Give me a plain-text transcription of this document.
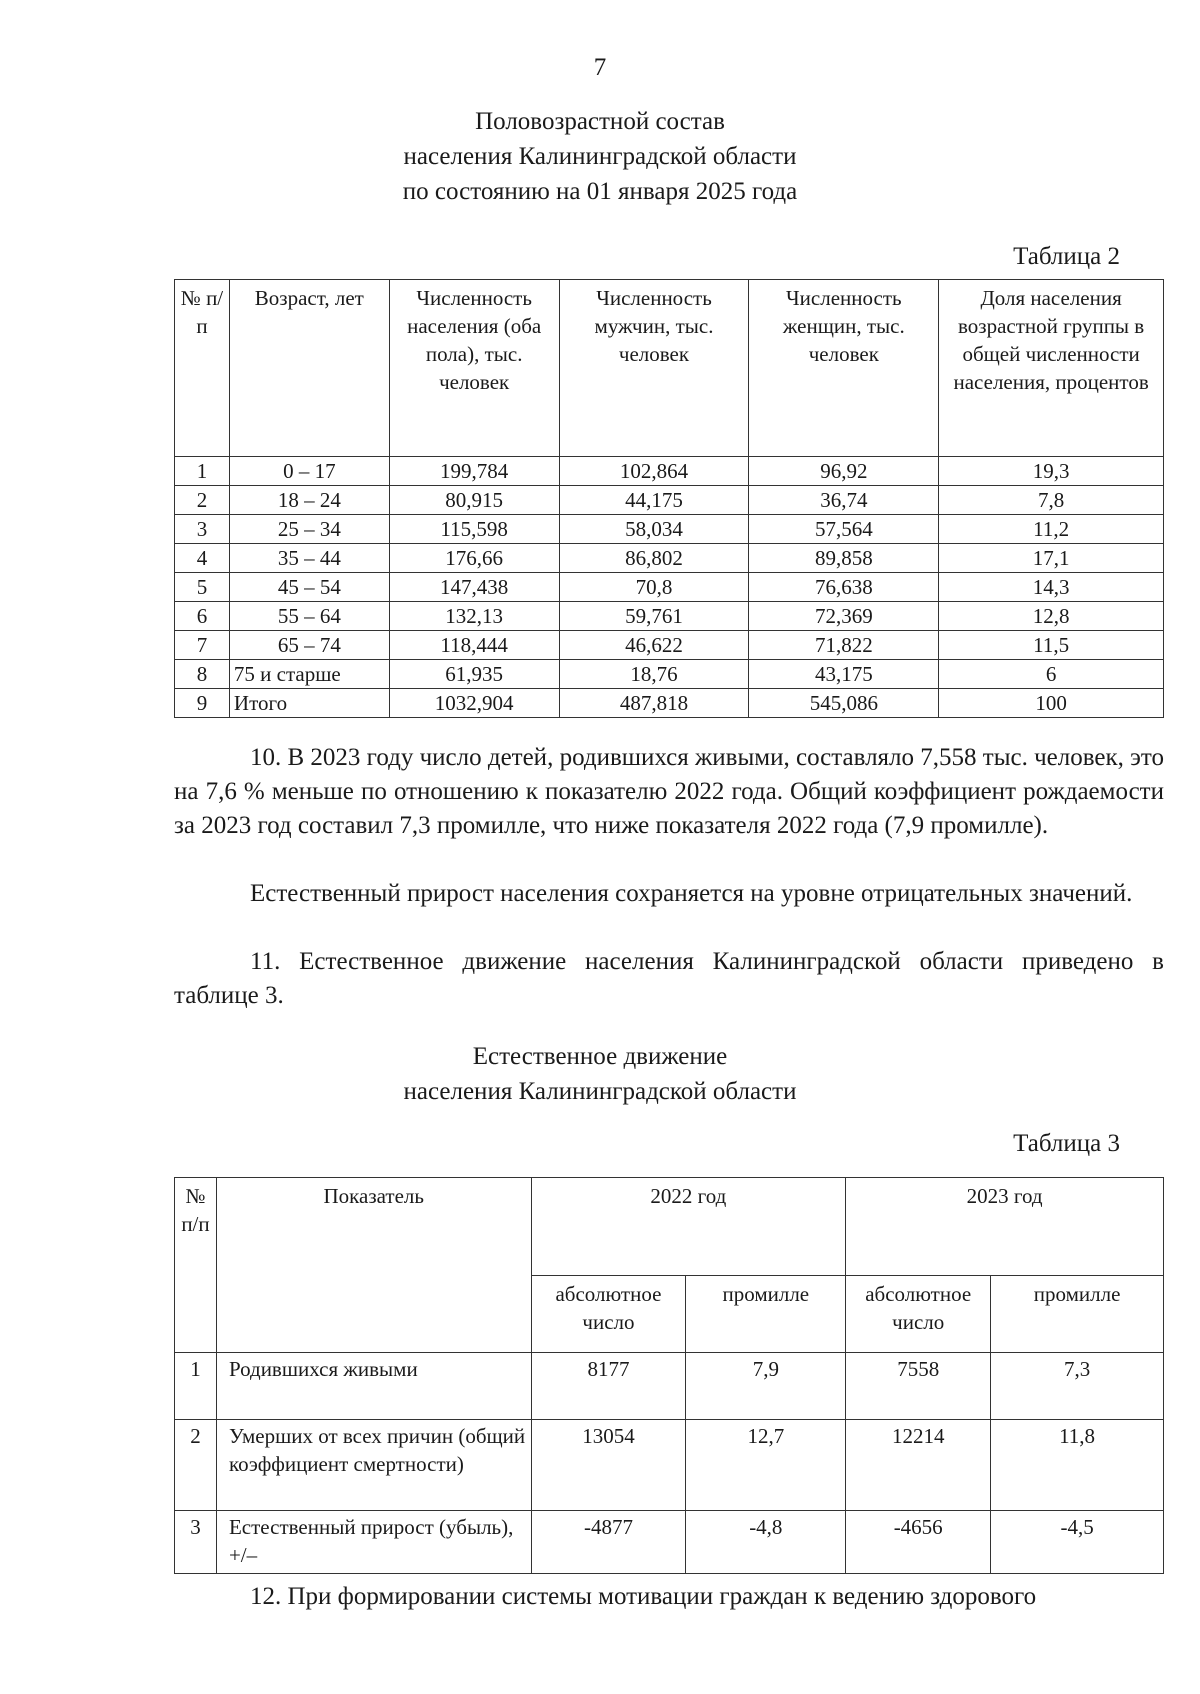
7
Половозрастной состав
населения Калининградской области
по состоянию на 01 января 2025 года
Таблица 2
№ п/п	Возраст, лет	Численность населения (оба пола), тыс. человек	Численность мужчин, тыс. человек	Численность женщин, тыс. человек	Доля населения возрастной группы в общей численности населения, процентов
1	0 – 17	199,784	102,864	96,92	19,3
2	18 – 24	80,915	44,175	36,74	7,8
3	25 – 34	115,598	58,034	57,564	11,2
4	35 – 44	176,66	86,802	89,858	17,1
5	45 – 54	147,438	70,8	76,638	14,3
6	55 – 64	132,13	59,761	72,369	12,8
7	65 – 74	118,444	46,622	71,822	11,5
8	75 и старше	61,935	18,76	43,175	6
9	Итого	1032,904	487,818	545,086	100
10. В 2023 году число детей, родившихся живыми, составляло 7,558 тыс. человек, это на 7,6 % меньше по отношению к показателю 2022 года. Общий коэффициент рождаемости за 2023 год составил 7,3 промилле, что ниже показателя 2022 года (7,9 промилле).
Естественный прирост населения сохраняется на уровне отрицательных значений.
11. Естественное движение населения Калининградской области приведено в таблице 3.
Естественное движение
населения Калининградской области
Таблица 3
№ п/п	Показатель	2022 год		2023 год	
		абсолютное число	промилле	абсолютное число	промилле
1	Родившихся живыми	8177	7,9	7558	7,3
2	Умерших от всех причин (общий коэффициент смертности)	13054	12,7	12214	11,8
3	Естественный прирост (убыль), +/–	-4877	-4,8	-4656	-4,5
12. При формировании системы мотивации граждан к ведению здорового
